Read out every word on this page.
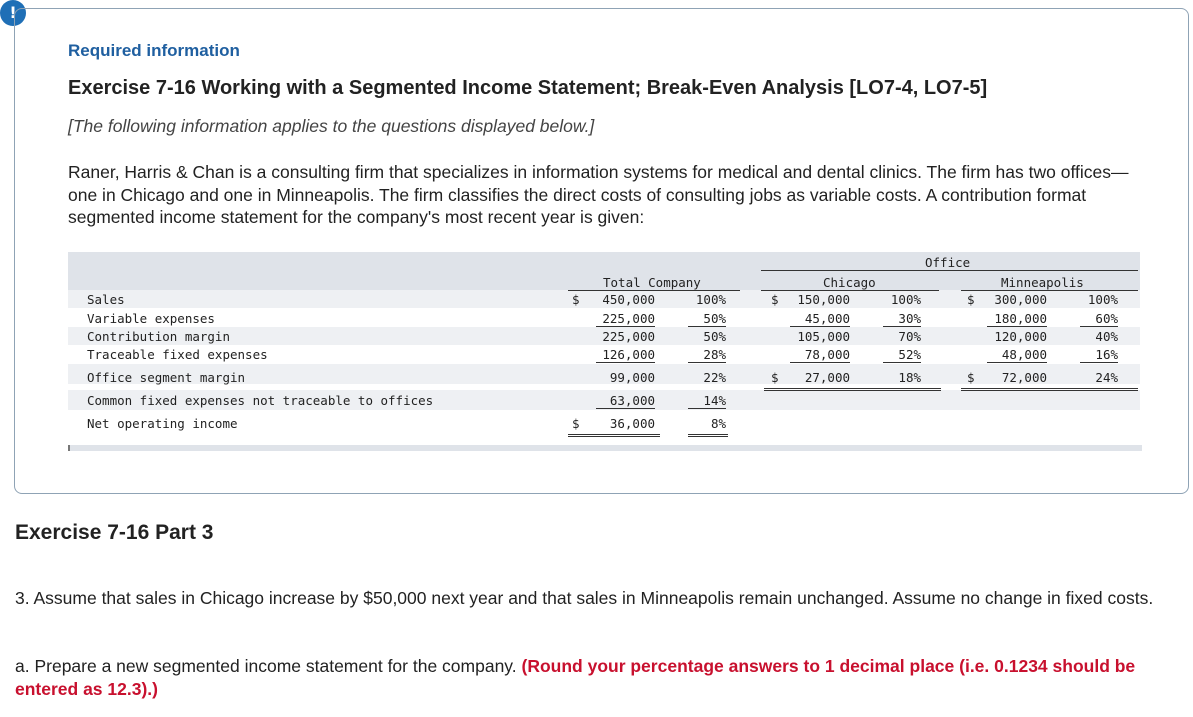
!
Required information
Exercise 7-16 Working with a Segmented Income Statement; Break-Even Analysis [LO7-4, LO7-5]
[The following information applies to the questions displayed below.]
Raner, Harris & Chan is a consulting firm that specializes in information systems for medical and dental clinics. The firm has two offices—one in Chicago and one in Minneapolis. The firm classifies the direct costs of consulting jobs as variable costs. A contribution format segmented income statement for the company's most recent year is given:
Office
Total Company	Chicago	Minneapolis
Sales	$	450,000	100%	$	150,000	100%	$	300,000	100%
Variable expenses	225,000	50%	45,000	30%	180,000	60%
Contribution margin	225,000	50%	105,000	70%	120,000	40%
Traceable fixed expenses	126,000	28%	78,000	52%	48,000	16%
Office segment margin	99,000	22%	$	27,000	18%	$	72,000	24%
Common fixed expenses not traceable to offices	63,000	14%
Net operating income	$	36,000	8%
Exercise 7-16 Part 3
3. Assume that sales in Chicago increase by $50,000 next year and that sales in Minneapolis remain unchanged. Assume no change in fixed costs.
a. Prepare a new segmented income statement for the company. (Round your percentage answers to 1 decimal place (i.e. 0.1234 should be entered as 12.3).)
